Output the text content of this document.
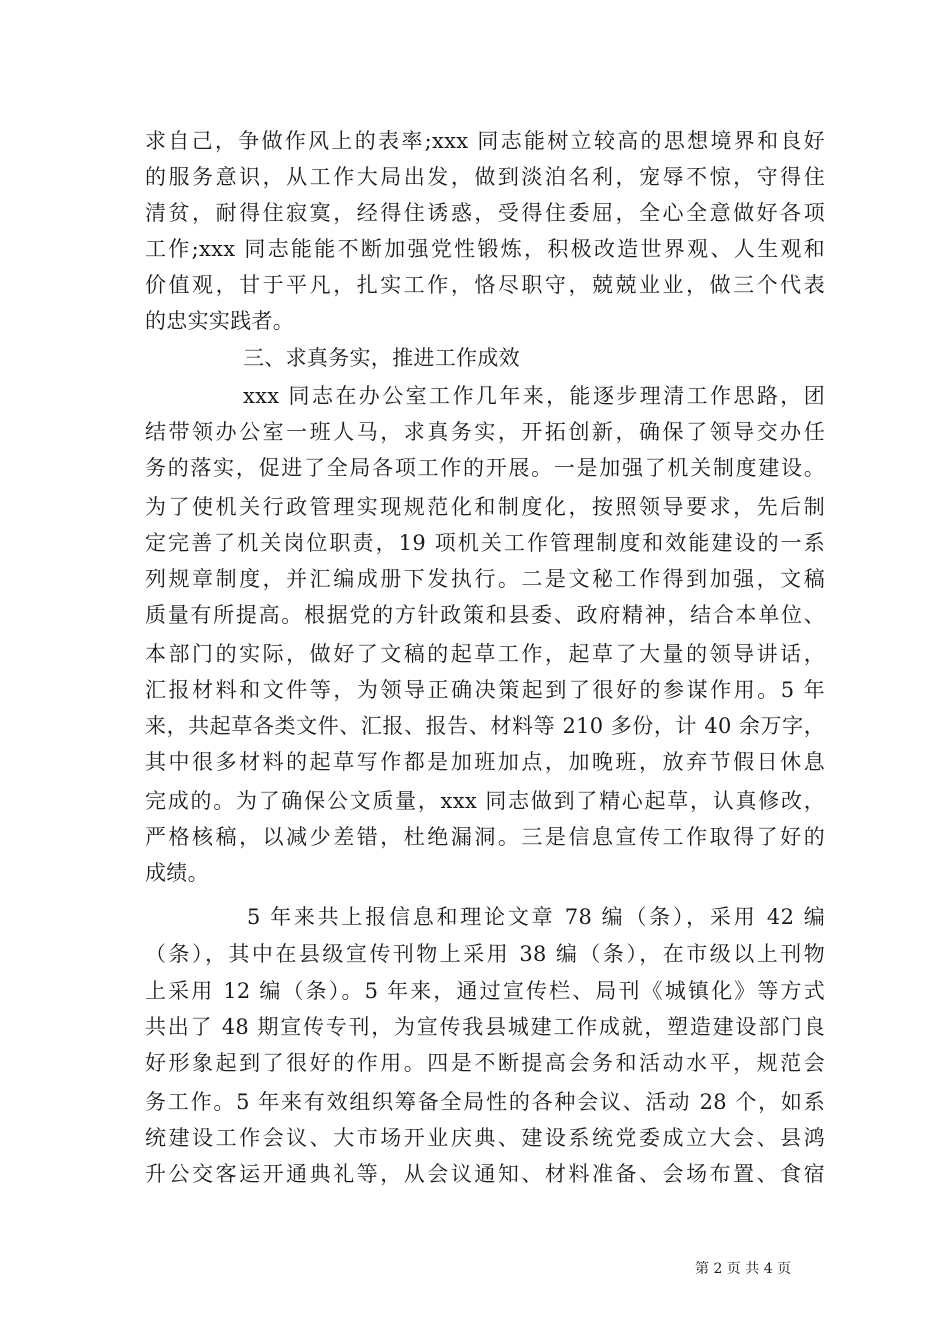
求自己，争做作风上的表率;xxx 同志能树立较高的思想境界和良好
的服务意识，从工作大局出发，做到淡泊名利，宠辱不惊，守得住
清贫，耐得住寂寞，经得住诱惑，受得住委屈，全心全意做好各项
工作;xxx 同志能能不断加强党性锻炼，积极改造世界观、人生观和
价值观，甘于平凡，扎实工作，恪尽职守，兢兢业业，做三个代表
的忠实实践者。
三、求真务实，推进工作成效
xxx 同志在办公室工作几年来，能逐步理清工作思路，团
结带领办公室一班人马，求真务实，开拓创新，确保了领导交办任
务的落实，促进了全局各项工作的开展。一是加强了机关制度建设。
为了使机关行政管理实现规范化和制度化，按照领导要求，先后制
定完善了机关岗位职责，19 项机关工作管理制度和效能建设的一系
列规章制度，并汇编成册下发执行。二是文秘工作得到加强，文稿
质量有所提高。根据党的方针政策和县委、政府精神，结合本单位、
本部门的实际，做好了文稿的起草工作，起草了大量的领导讲话，
汇报材料和文件等，为领导正确决策起到了很好的参谋作用。5 年
来，共起草各类文件、汇报、报告、材料等 210 多份，计 40 余万字，
其中很多材料的起草写作都是加班加点，加晚班，放弃节假日休息
完成的。为了确保公文质量，xxx 同志做到了精心起草，认真修改，
严格核稿，以减少差错，杜绝漏洞。三是信息宣传工作取得了好的
成绩。
5 年来共上报信息和理论文章 78 编（条），采用 42 编
（条），其中在县级宣传刊物上采用 38 编（条），在市级以上刊物
上采用 12 编（条）。5 年来，通过宣传栏、局刊《城镇化》等方式
共出了 48 期宣传专刊，为宣传我县城建工作成就，塑造建设部门良
好形象起到了很好的作用。四是不断提高会务和活动水平，规范会
务工作。5 年来有效组织筹备全局性的各种会议、活动 28 个，如系
统建设工作会议、大市场开业庆典、建设系统党委成立大会、县鸿
升公交客运开通典礼等，从会议通知、材料准备、会场布置、食宿
第 2 页 共 4 页
